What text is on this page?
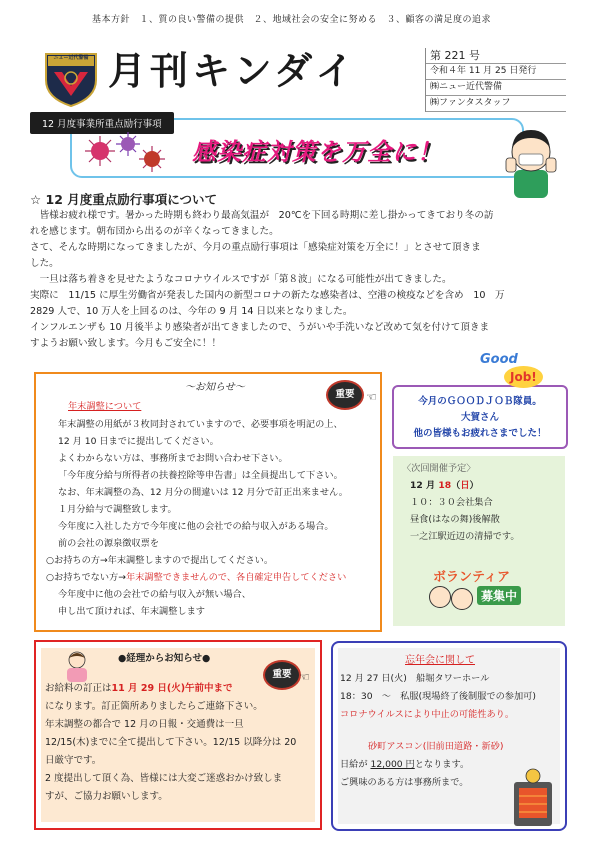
基本方針　１、質の良い警備の提供　２、地域社会の安全に努める　３、顧客の満足度の追求
ニュー近代警備 月刊キンダイ	第 221 号
令和４年 11 月 25 日発行
㈱ニュー近代警備
㈱ファンタスタッフ
12 月度事業所重点励行事項
感染症対策を万全に！
☆ 12 月度重点励行事項について
　皆様お疲れ様です。暑かった時期も終わり最高気温が　20℃を下回る時期に差し掛かってきており冬の訪
れを感じます。朝布団から出るのが辛くなってきました。
さて、そんな時期になってきましたが、今月の重点励行事項は「感染症対策を万全に！」とさせて頂きま
した。
　一旦は落ち着きを見せたようなコロナウイルスですが「第８波」になる可能性が出てきました。
実際に　11/15 に厚生労働省が発表した国内の新型コロナの新たな感染者は、空港の検疫などを含め　10　万
2829 人で、10 万人を上回るのは、今年の 9 月 14 日以来となりました。
インフルエンザも 10 月後半より感染者が出てきましたので、うがいや手洗いなど改めて気を付けて頂きま
すようお願い致します。今月もご安全に！！
～お知らせ～
重要 ☜
年末調整について
年末調整の用紙が３枚同封されていますので、必要事項を明記の上、
12 月 10 日までに提出してください。
よくわからない方は、事務所までお問い合わせ下さい。
「今年度分給与所得者の扶養控除等申告書」は全員提出して下さい。
なお、年末調整の為、12 月分の間違いは 12 月分で訂正出来ません。
１月分給与で調整致します。
今年度に入社した方で今年度に他の会社での給与収入がある場合。
前の会社の源泉徴収票を
○お持ちの方→年末調整しますので提出してください。
○お持ちでない方→年末調整できませんので、各自確定申告してください
今年度中に他の会社での給与収入が無い場合、
申し出て頂ければ、年末調整します
今月のＧＯＯＤＪＯＢ隊員。
大賀さん
他の皆様もお疲れさまでした！
Good
Job!
〈次回開催予定〉
12 月 18（日）
１０：３０会社集合
昼食(はなの舞)後解散
一之江駅近辺の清掃です。
ボランティア
募集中
●経理からお知らせ●
重要 ☜
お給料の訂正は11 月 29 日(火)午前中まで
になります。訂正箇所ありましたらご連絡下さい。
年末調整の都合で 12 月の日報・交通費は一旦
12/15(木)までに全て提出して下さい。12/15 以降分は 20
日厳守です。
2 度提出して頂く為、皆様には大変ご迷惑おかけ致しま
すが、ご協力お願いします。
忘年会に関して
12 月 27 日(火)　船堀タワーホール
18：30　～　私服(現場終了後制服での参加可)
コロナウイルスにより中止の可能性あり。
砂町アスコン(旧前田道路・新砂)
日給が 12,000 円となります。
ご興味のある方は事務所まで。
